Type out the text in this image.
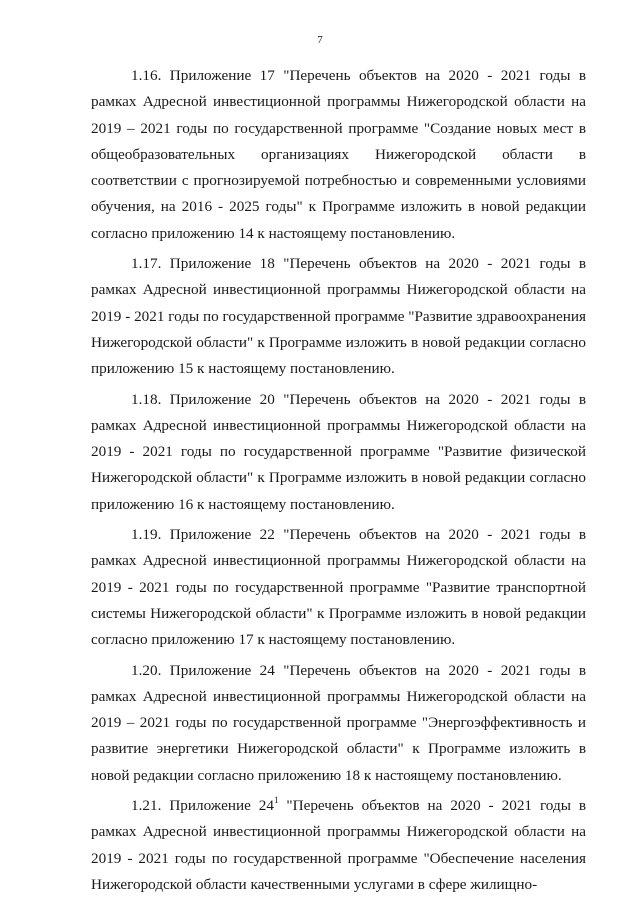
7

1.16. Приложение 17 "Перечень объектов на 2020 - 2021 годы в рамках Адресной инвестиционной программы Нижегородской области на 2019 – 2021 годы по государственной программе "Создание новых мест в общеобразовательных организациях Нижегородской области в соответствии с прогнозируемой потребностью и современными условиями обучения, на 2016 - 2025 годы" к Программе изложить в новой редакции согласно приложению 14 к настоящему постановлению.

1.17. Приложение 18 "Перечень объектов на 2020 - 2021 годы в рамках Адресной инвестиционной программы Нижегородской области на 2019 - 2021 годы по государственной программе "Развитие здравоохранения Нижегородской области" к Программе изложить в новой редакции согласно приложению 15 к настоящему постановлению.

1.18. Приложение 20 "Перечень объектов на 2020 - 2021 годы в рамках Адресной инвестиционной программы Нижегородской области на 2019 - 2021 годы по государственной программе "Развитие физической Нижегородской области" к Программе изложить в новой редакции согласно приложению 16 к настоящему постановлению.

1.19. Приложение 22 "Перечень объектов на 2020 - 2021 годы в рамках Адресной инвестиционной программы Нижегородской области на 2019 - 2021 годы по государственной программе "Развитие транспортной системы Нижегородской области" к Программе изложить в новой редакции согласно приложению 17 к настоящему постановлению.

1.20. Приложение 24 "Перечень объектов на 2020 - 2021 годы в рамках Адресной инвестиционной программы Нижегородской области на 2019 – 2021 годы по государственной программе "Энергоэффективность и развитие энергетики Нижегородской области" к Программе изложить в новой редакции согласно приложению 18 к настоящему постановлению.

1.21. Приложение $24^1$ "Перечень объектов на 2020 - 2021 годы в рамках Адресной инвестиционной программы Нижегородской области на 2019 - 2021 годы по государственной программе "Обеспечение населения Нижегородской области качественными услугами в сфере жилищно-
